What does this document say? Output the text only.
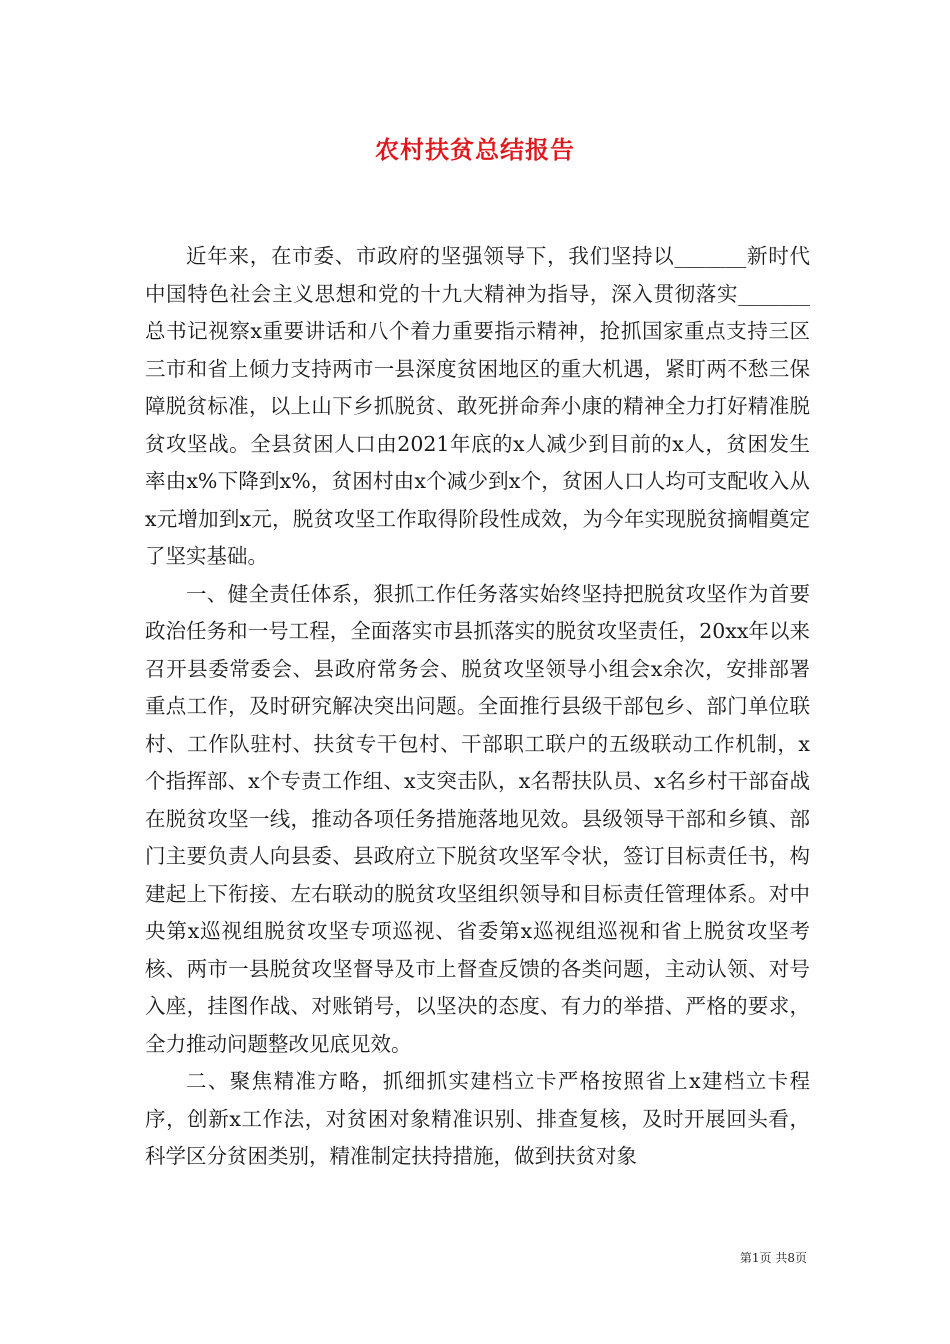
农村扶贫总结报告

近年来，在市委、市政府的坚强领导下，我们坚持以_______新时代中国特色社会主义思想和党的十九大精神为指导，深入贯彻落实_______总书记视察x重要讲话和八个着力重要指示精神，抢抓国家重点支持三区三市和省上倾力支持两市一县深度贫困地区的重大机遇，紧盯两不愁三保障脱贫标准，以上山下乡抓脱贫、敢死拼命奔小康的精神全力打好精准脱贫攻坚战。全县贫困人口由2021年底的x人减少到目前的x人，贫困发生率由x%下降到x%，贫困村由x个减少到x个，贫困人口人均可支配收入从x元增加到x元，脱贫攻坚工作取得阶段性成效，为今年实现脱贫摘帽奠定了坚实基础。

一、健全责任体系，狠抓工作任务落实始终坚持把脱贫攻坚作为首要政治任务和一号工程，全面落实市县抓落实的脱贫攻坚责任，20xx年以来召开县委常委会、县政府常务会、脱贫攻坚领导小组会x余次，安排部署重点工作，及时研究解决突出问题。全面推行县级干部包乡、部门单位联村、工作队驻村、扶贫专干包村、干部职工联户的五级联动工作机制，x个指挥部、x个专责工作组、x支突击队，x名帮扶队员、x名乡村干部奋战在脱贫攻坚一线，推动各项任务措施落地见效。县级领导干部和乡镇、部门主要负责人向县委、县政府立下脱贫攻坚军令状，签订目标责任书，构建起上下衔接、左右联动的脱贫攻坚组织领导和目标责任管理体系。对中央第x巡视组脱贫攻坚专项巡视、省委第x巡视组巡视和省上脱贫攻坚考核、两市一县脱贫攻坚督导及市上督查反馈的各类问题，主动认领、对号入座，挂图作战、对账销号，以坚决的态度、有力的举措、严格的要求，全力推动问题整改见底见效。

二、聚焦精准方略，抓细抓实建档立卡严格按照省上x建档立卡程序，创新x工作法，对贫困对象精准识别、排查复核，及时开展回头看，科学区分贫困类别，精准制定扶持措施，做到扶贫对象

第1页 共8页
